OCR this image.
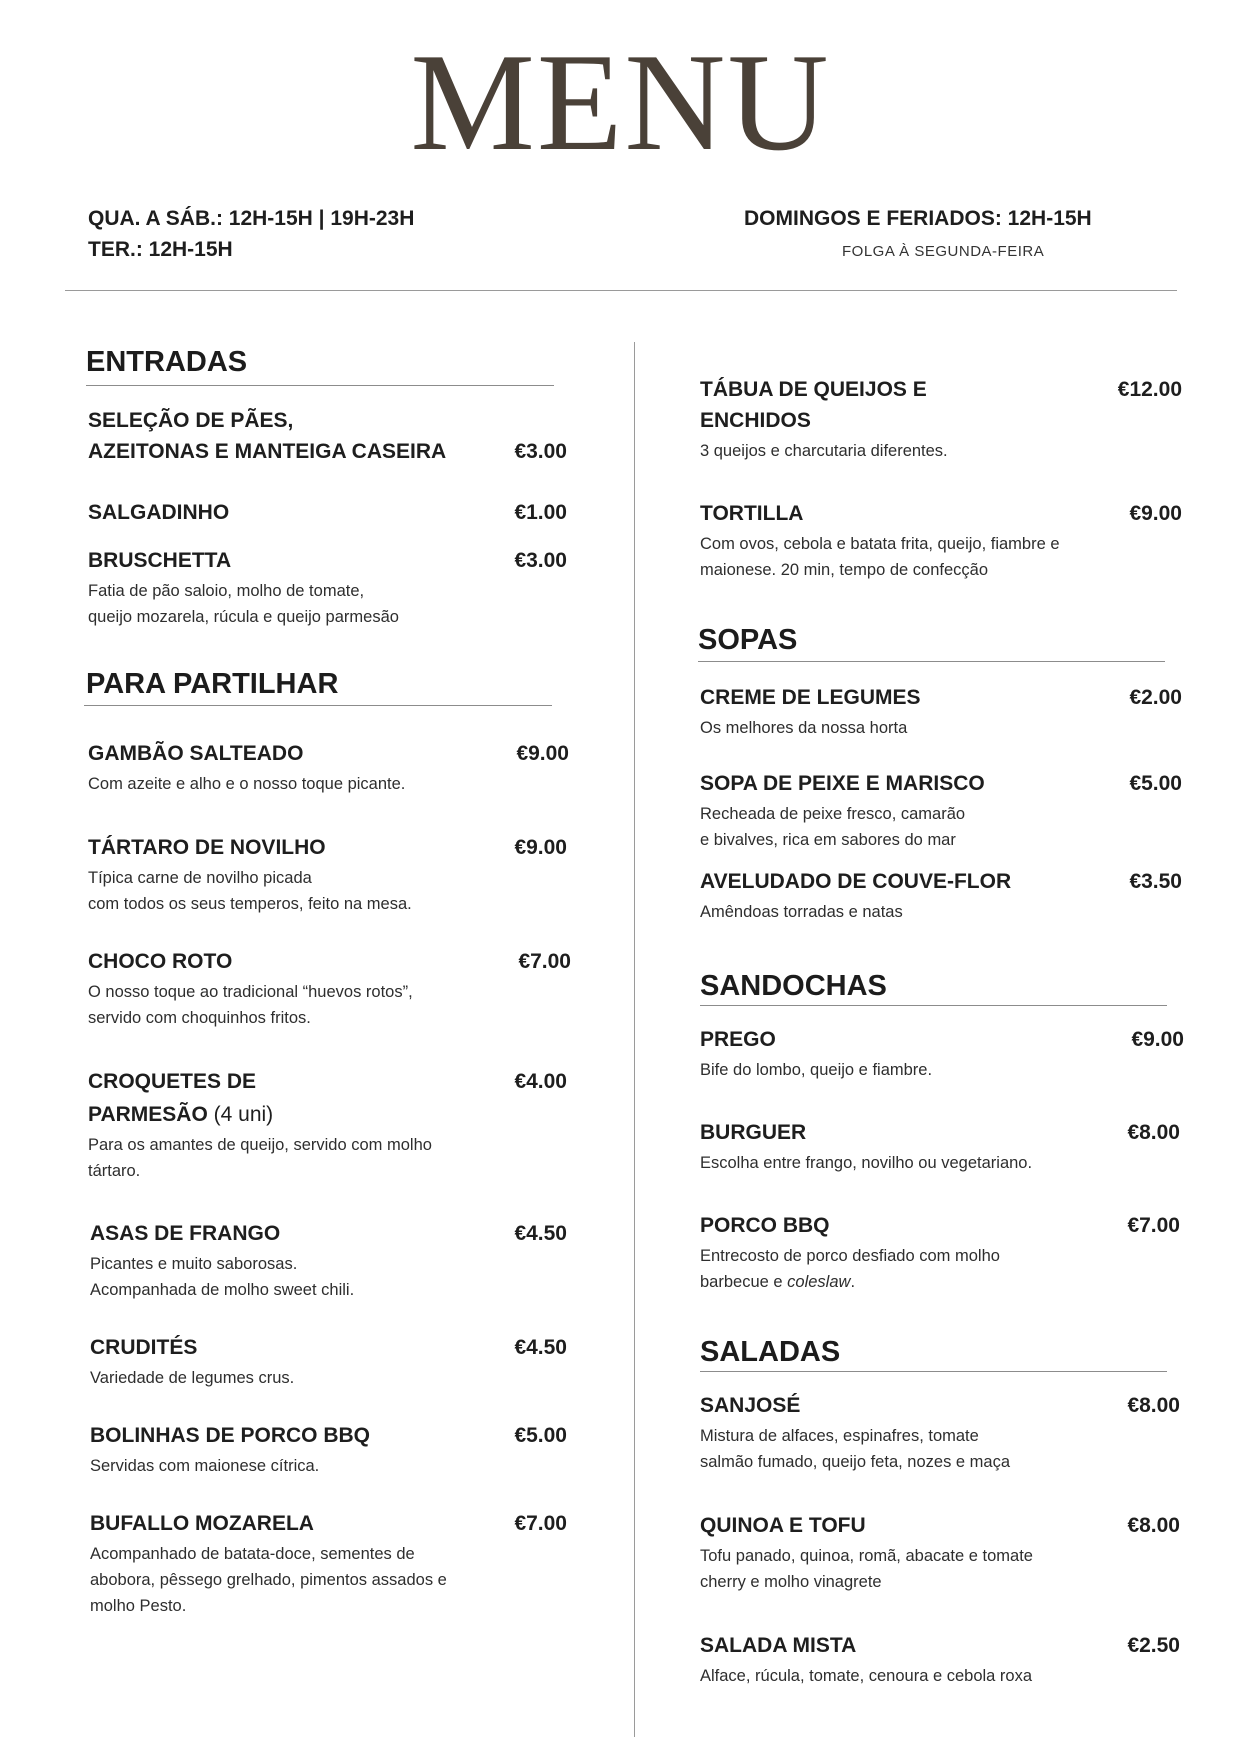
MENU
QUA. A SÁB.: 12H-15H | 19H-23H
TER.: 12H-15H
DOMINGOS E FERIADOS: 12H-15H
FOLGA À SEGUNDA-FEIRA
ENTRADAS
SELEÇÃO DE PÃES,
AZEITONAS E MANTEIGA CASEIRA	€3.00
SALGADINHO	€1.00
BRUSCHETTA
Fatia de pão saloio, molho de tomate,
queijo mozarela, rúcula e queijo parmesão
€3.00
PARA PARTILHAR
GAMBÃO SALTEADO
Com azeite e alho e o nosso toque picante.
€9.00
TÁRTARO DE NOVILHO
Típica carne de novilho picada
com todos os seus temperos, feito na mesa.
€9.00
CHOCO ROTO
O nosso toque ao tradicional “huevos rotos”,
servido com choquinhos fritos.
€7.00
CROQUETES DE
PARMESÃO (4 uni)
Para os amantes de queijo, servido com molho
tártaro.
€4.00
ASAS DE FRANGO
Picantes e muito saborosas.
Acompanhada de molho sweet chili.
€4.50
CRUDITÉS
Variedade de legumes crus.
€4.50
BOLINHAS DE PORCO BBQ
Servidas com maionese cítrica.
€5.00
BUFALLO MOZARELA
Acompanhado de batata-doce, sementes de
abobora, pêssego grelhado, pimentos assados e
molho Pesto.
€7.00
TÁBUA DE QUEIJOS E
ENCHIDOS
3 queijos e charcutaria diferentes.
€12.00
TORTILLA
Com ovos, cebola e batata frita, queijo, fiambre e
maionese. 20 min, tempo de confecção
€9.00
SOPAS
CREME DE LEGUMES
Os melhores da nossa horta
€2.00
SOPA DE PEIXE E MARISCO
Recheada de peixe fresco, camarão
e bivalves, rica em sabores do mar
€5.00
AVELUDADO DE COUVE-FLOR
Amêndoas torradas e natas
€3.50
SANDOCHAS
PREGO
Bife do lombo, queijo e fiambre.
€9.00
BURGUER
Escolha entre frango, novilho ou vegetariano.
€8.00
PORCO BBQ
Entrecosto de porco desfiado com molho
barbecue e coleslaw.
€7.00
SALADAS
SANJOSÉ
Mistura de alfaces, espinafres, tomate
salmão fumado, queijo feta, nozes e maça
€8.00
QUINOA E TOFU
Tofu panado, quinoa, romã, abacate e tomate
cherry e molho vinagrete
€8.00
SALADA MISTA
Alface, rúcula, tomate, cenoura e cebola roxa
€2.50
